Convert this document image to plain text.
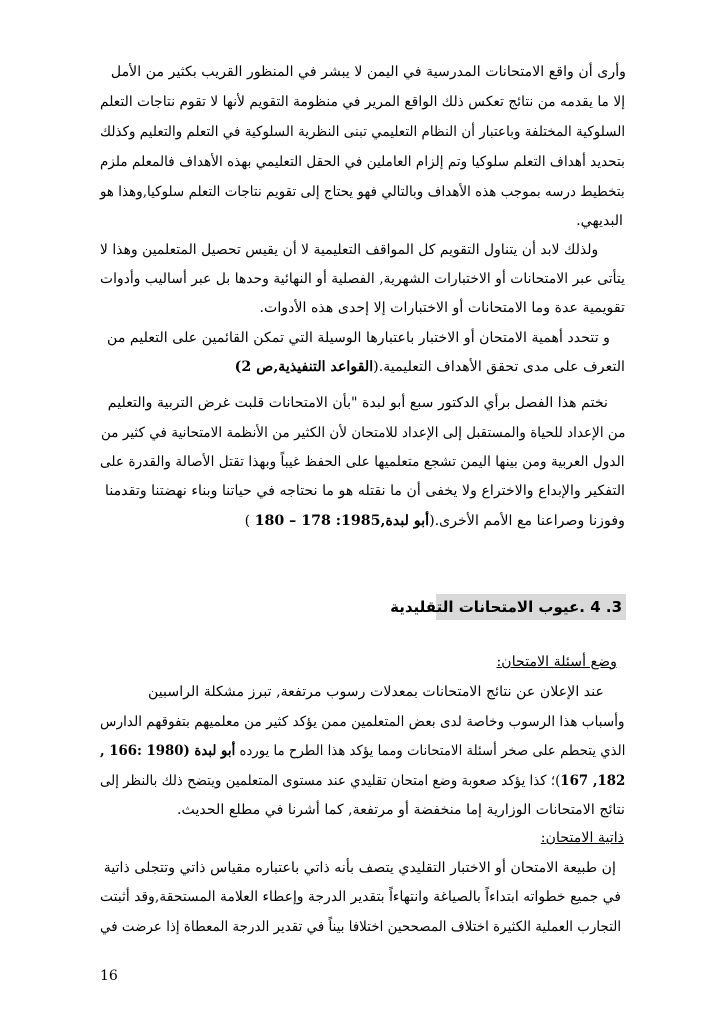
وأرى أن واقع الامتحانات المدرسية في اليمن لا يبشر في المنظور القريب بكثير من الأمل
إلا ما يقدمه من نتائج تعكس ذلك الواقع المرير في منظومة التقويم لأنها لا تقوم نتاجات التعلم
السلوكية المختلفة وباعتبار أن النظام التعليمي تبنى النظرية السلوكية في التعلم والتعليم وكذلك
بتحديد أهداف التعلم سلوكيا وتم إلزام العاملين في الحقل التعليمي بهذه الأهداف فالمعلم ملزم
بتخطيط درسه بموجب هذه الأهداف وبالتالي فهو يحتاج إلى تقويم نتاجات التعلم سلوكيا,وهذا هو
البديهي.
ولذلك لابد أن يتناول التقويم كل المواقف التعليمية لا أن يقيس تحصيل المتعلمين وهذا لا
يتأتى عبر الامتحانات أو الاختبارات الشهرية, الفصلية أو النهائية وحدها بل عبر أساليب وأدوات
تقويمية عدة وما الامتحانات أو الاختبارات إلا إحدى هذه الأدوات.
و تتحدد أهمية الامتحان أو الاختبار باعتبارها الوسيلة التي تمكن القائمين على التعليم من
التعرف على مدى تحقق الأهداف التعليمية.(القواعد التنفيذية,ص 2)
نختم هذا الفصل برأي الدكتور سبع أبو لبدة "بأن الامتحانات قلبت غرض التربية والتعليم
من الإعداد للحياة والمستقبل إلى الإعداد للامتحان لأن الكثير من الأنظمة الامتحانية في كثير من
الدول العربية ومن بينها اليمن تشجع متعلميها على الحفظ غيباً وبهذا تقتل الأصالة والقدرة على
التفكير والإبداع والاختراع ولا يخفى أن ما نقتله هو ما نحتاجه في حياتنا وبناء نهضتنا وتقدمنا
وفوزنا وصراعنا مع الأمم الأخرى.(أبو لبدة,1985: 178 – 180 )
3. 4 .عيوب الامتحانات التقليدية
وضع أسئلة الامتحان:
عند الإعلان عن نتائج الامتحانات بمعدلات رسوب مرتفعة, تبرز مشكلة الراسبين
وأسباب هذا الرسوب وخاصة لدى بعض المتعلمين ممن يؤكد كثير من معلميهم بتفوقهم الدارس
الذي يتحطم على صخر أسئلة الامتحانات ومما يؤكد هذا الطرح ما يورده أبو لبدة (1980 :166 ,
182, 167)؛ كذا يؤكد صعوبة وضع امتحان تقليدي عند مستوى المتعلمين ويتضح ذلك بالنظر إلى
نتائج الامتحانات الوزارية إما منخفضة أو مرتفعة, كما أشرنا في مطلع الحديث.
ذاتية الامتحان:
إن طبيعة الامتحان أو الاختبار التقليدي يتصف بأنه ذاتي باعتباره مقياس ذاتي وتتجلى ذاتية
في جميع خطواته ابتداءاً بالصياغة وانتهاءاً بتقدير الدرجة وإعطاء العلامة المستحقة,وقد أثبتت
التجارب العملية الكثيرة اختلاف المصححين اختلافا بيناً في تقدير الدرجة المعطاة إذا عرضت في
16
